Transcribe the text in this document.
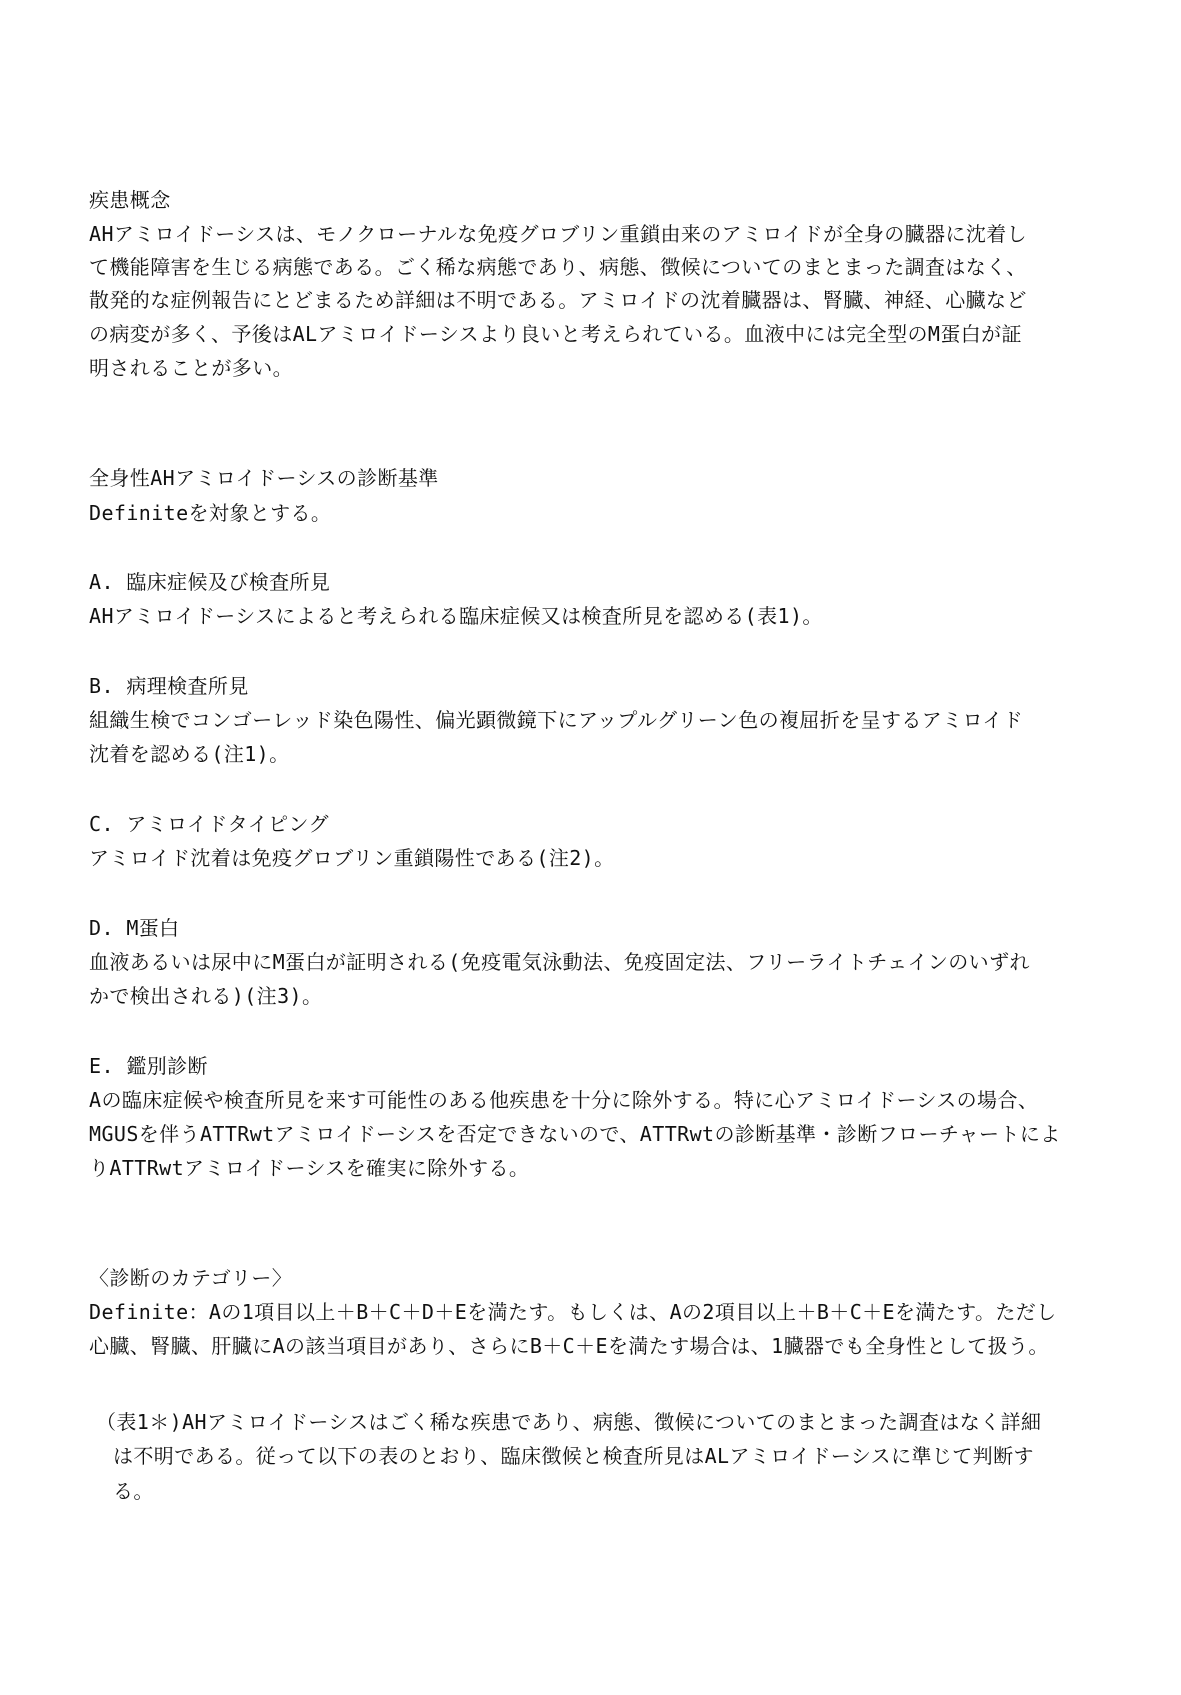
疾患概念
AHアミロイドーシスは、モノクローナルな免疫グロブリン重鎖由来のアミロイドが全身の臓器に沈着し
て機能障害を生じる病態である。ごく稀な病態であり、病態、徴候についてのまとまった調査はなく、
散発的な症例報告にとどまるため詳細は不明である。アミロイドの沈着臓器は、腎臓、神経、心臓など
の病変が多く、予後はALアミロイドーシスより良いと考えられている。血液中には完全型のM蛋白が証
明されることが多い。
全身性AHアミロイドーシスの診断基準
Definiteを対象とする。
A. 臨床症候及び検査所見
AHアミロイドーシスによると考えられる臨床症候又は検査所見を認める(表1)。
B. 病理検査所見
組織生検でコンゴーレッド染色陽性、偏光顕微鏡下にアップルグリーン色の複屈折を呈するアミロイド
沈着を認める(注1)。
C. アミロイドタイピング
アミロイド沈着は免疫グロブリン重鎖陽性である(注2)。
D. M蛋白
血液あるいは尿中にM蛋白が証明される(免疫電気泳動法、免疫固定法、フリーライトチェインのいずれ
かで検出される)(注3)。
E. 鑑別診断
Aの臨床症候や検査所見を来す可能性のある他疾患を十分に除外する。特に心アミロイドーシスの場合、
MGUSを伴うATTRwtアミロイドーシスを否定できないので、ATTRwtの診断基準・診断フローチャートによ
りATTRwtアミロイドーシスを確実に除外する。
〈診断のカテゴリー〉
Definite：Aの1項目以上＋B＋C＋D＋Eを満たす。もしくは、Aの2項目以上＋B＋C＋Eを満たす。ただし
心臓、腎臓、肝臓にAの該当項目があり、さらにB＋C＋Eを満たす場合は、1臓器でも全身性として扱う。
（表1＊)AHアミロイドーシスはごく稀な疾患であり、病態、徴候についてのまとまった調査はなく詳細
は不明である。従って以下の表のとおり、臨床徴候と検査所見はALアミロイドーシスに準じて判断す
る。
